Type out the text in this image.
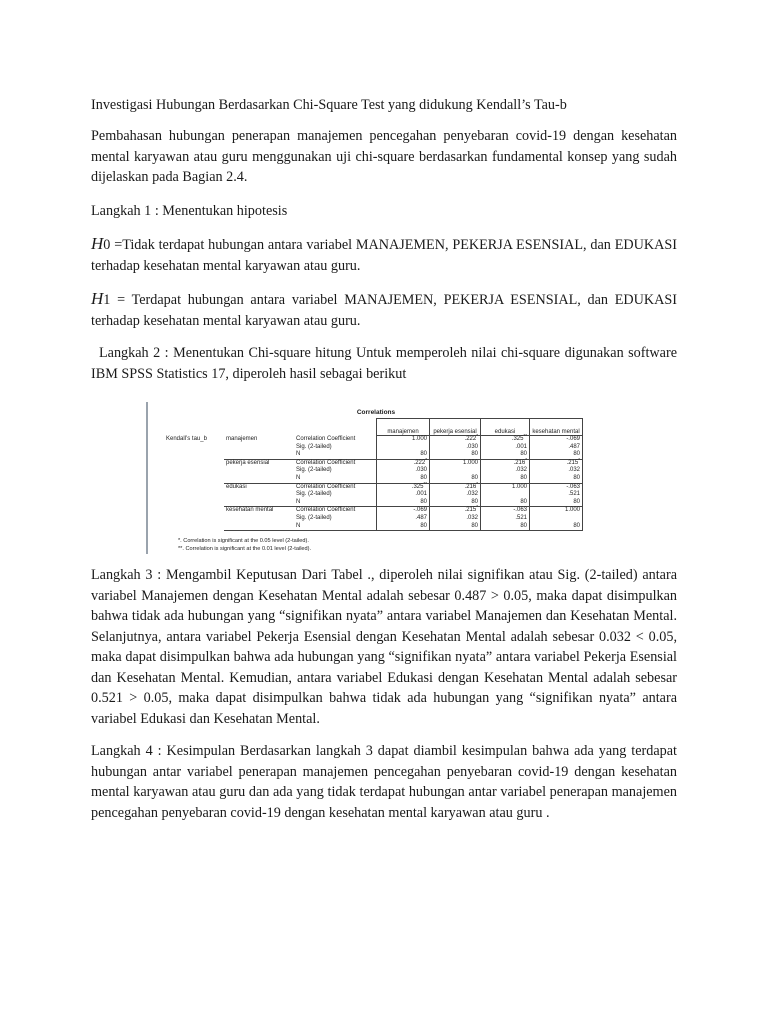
Investigasi Hubungan Berdasarkan Chi-Square Test yang didukung Kendall’s Tau-b

Pembahasan hubungan penerapan manajemen pencegahan penyebaran covid-19 dengan kesehatan mental karyawan atau guru menggunakan uji chi-square berdasarkan fundamental konsep yang sudah dijelaskan pada Bagian 2.4.

Langkah 1 : Menentukan hipotesis

H0 =Tidak terdapat hubungan antara variabel MANAJEMEN, PEKERJA ESENSIAL, dan EDUKASI terhadap kesehatan mental karyawan atau guru.

H1 = Terdapat hubungan antara variabel MANAJEMEN, PEKERJA ESENSIAL, dan EDUKASI terhadap kesehatan mental karyawan atau guru.

Langkah 2 : Menentukan Chi-square hitung Untuk memperoleh nilai chi-square digunakan software IBM SPSS Statistics 17, diperoleh hasil sebagai berikut

Correlations
			manajemen	pekerja esensial	edukasi	kesehatan mental
Kendall’s tau_b	manajemen	Correlation Coefficient	1.000	.222*	.325**	-.069
		Sig. (2-tailed)		.030	.001	.487
		N	80	80	80	80
	pekerja esensial	Correlation Coefficient	.222*	1.000	.216*	.215*
		Sig. (2-tailed)	.030		.032	.032
		N	80	80	80	80
	edukasi	Correlation Coefficient	.325**	.216*	1.000	-.063
		Sig. (2-tailed)	.001	.032		.521
		N	80	80	80	80
	kesehatan mental	Correlation Coefficient	-.069	.215*	-.063	1.000
		Sig. (2-tailed)	.487	.032	.521	
		N	80	80	80	80
*. Correlation is significant at the 0.05 level (2-tailed).
**. Correlation is significant at the 0.01 level (2-tailed).

Langkah 3 : Mengambil Keputusan Dari Tabel ., diperoleh nilai signifikan atau Sig. (2-tailed) antara variabel Manajemen dengan Kesehatan Mental adalah sebesar 0.487 > 0.05, maka dapat disimpulkan bahwa tidak ada hubungan yang “signifikan nyata” antara variabel Manajemen dan Kesehatan Mental. Selanjutnya, antara variabel Pekerja Esensial dengan Kesehatan Mental adalah sebesar 0.032 < 0.05, maka dapat disimpulkan bahwa ada hubungan yang “signifikan nyata” antara variabel Pekerja Esensial dan Kesehatan Mental. Kemudian, antara variabel Edukasi dengan Kesehatan Mental adalah sebesar 0.521 > 0.05, maka dapat disimpulkan bahwa tidak ada hubungan yang “signifikan nyata” antara variabel Edukasi dan Kesehatan Mental.

Langkah 4 : Kesimpulan Berdasarkan langkah 3 dapat diambil kesimpulan bahwa ada yang terdapat hubungan antar variabel penerapan manajemen pencegahan penyebaran covid-19 dengan kesehatan mental karyawan atau guru dan ada yang tidak terdapat hubungan antar variabel penerapan manajemen pencegahan penyebaran covid-19 dengan kesehatan mental karyawan atau guru .
